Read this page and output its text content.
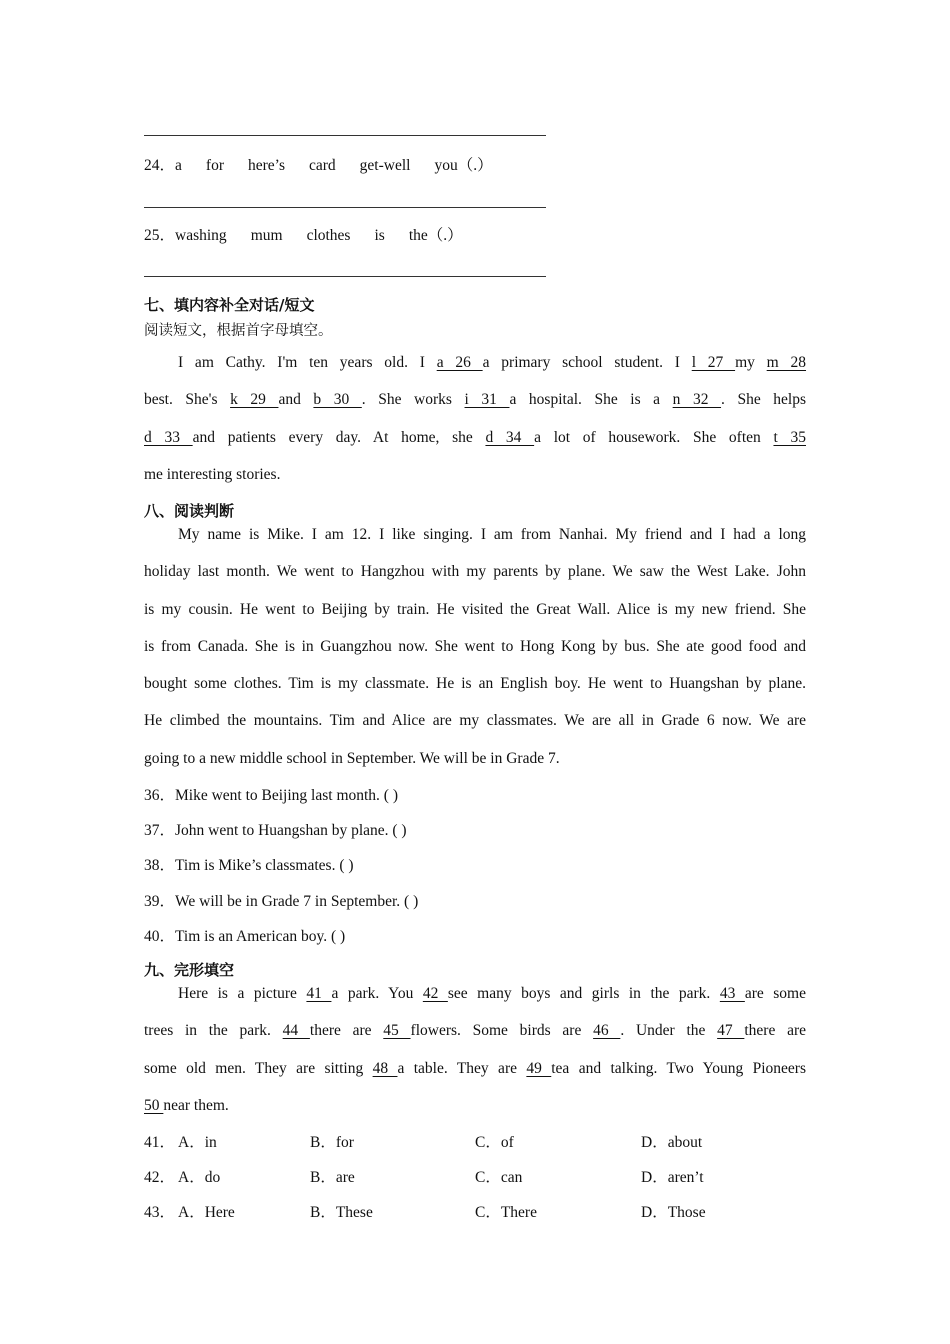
24．a for here’s card get-well you（.）
25．washing mum clothes is the（.）
七、填内容补全对话/短文
阅读短文，根据首字母填空。
I am Cathy. I'm ten years old. I a 26 a primary school student. I l 27 my m 28
best. She's k 29 and b 30 . She works i 31 a hospital. She is a n 32 . She helps
d 33 and patients every day. At home, she d 34 a lot of housework. She often t 35
me interesting stories.
八、阅读判断
My name is Mike. I am 12. I like singing. I am from Nanhai. My friend and I had a long
holiday last month. We went to Hangzhou with my parents by plane. We saw the West Lake. John
is my cousin. He went to Beijing by train. He visited the Great Wall. Alice is my new friend. She
is from Canada. She is in Guangzhou now. She went to Hong Kong by bus. She ate good food and
bought some clothes. Tim is my classmate. He is an English boy. He went to Huangshan by plane.
He climbed the mountains. Tim and Alice are my classmates. We are all in Grade 6 now. We are
going to a new middle school in September. We will be in Grade 7.
36．Mike went to Beijing last month. ( )
37．John went to Huangshan by plane. ( )
38．Tim is Mike’s classmates. ( )
39．We will be in Grade 7 in September. ( )
40．Tim is an American boy. ( )
九、完形填空
Here is a picture 41 a park. You 42 see many boys and girls in the park. 43 are some
trees in the park. 44 there are 45 flowers. Some birds are 46 . Under the 47 there are
some old men. They are sitting 48 a table. They are 49 tea and talking. Two Young Pioneers
50 near them.
41． A．in	B．for	C．of	D．about
42． A．do	B．are	C．can	D．aren’t
43． A．Here	B．These	C．There	D．Those
